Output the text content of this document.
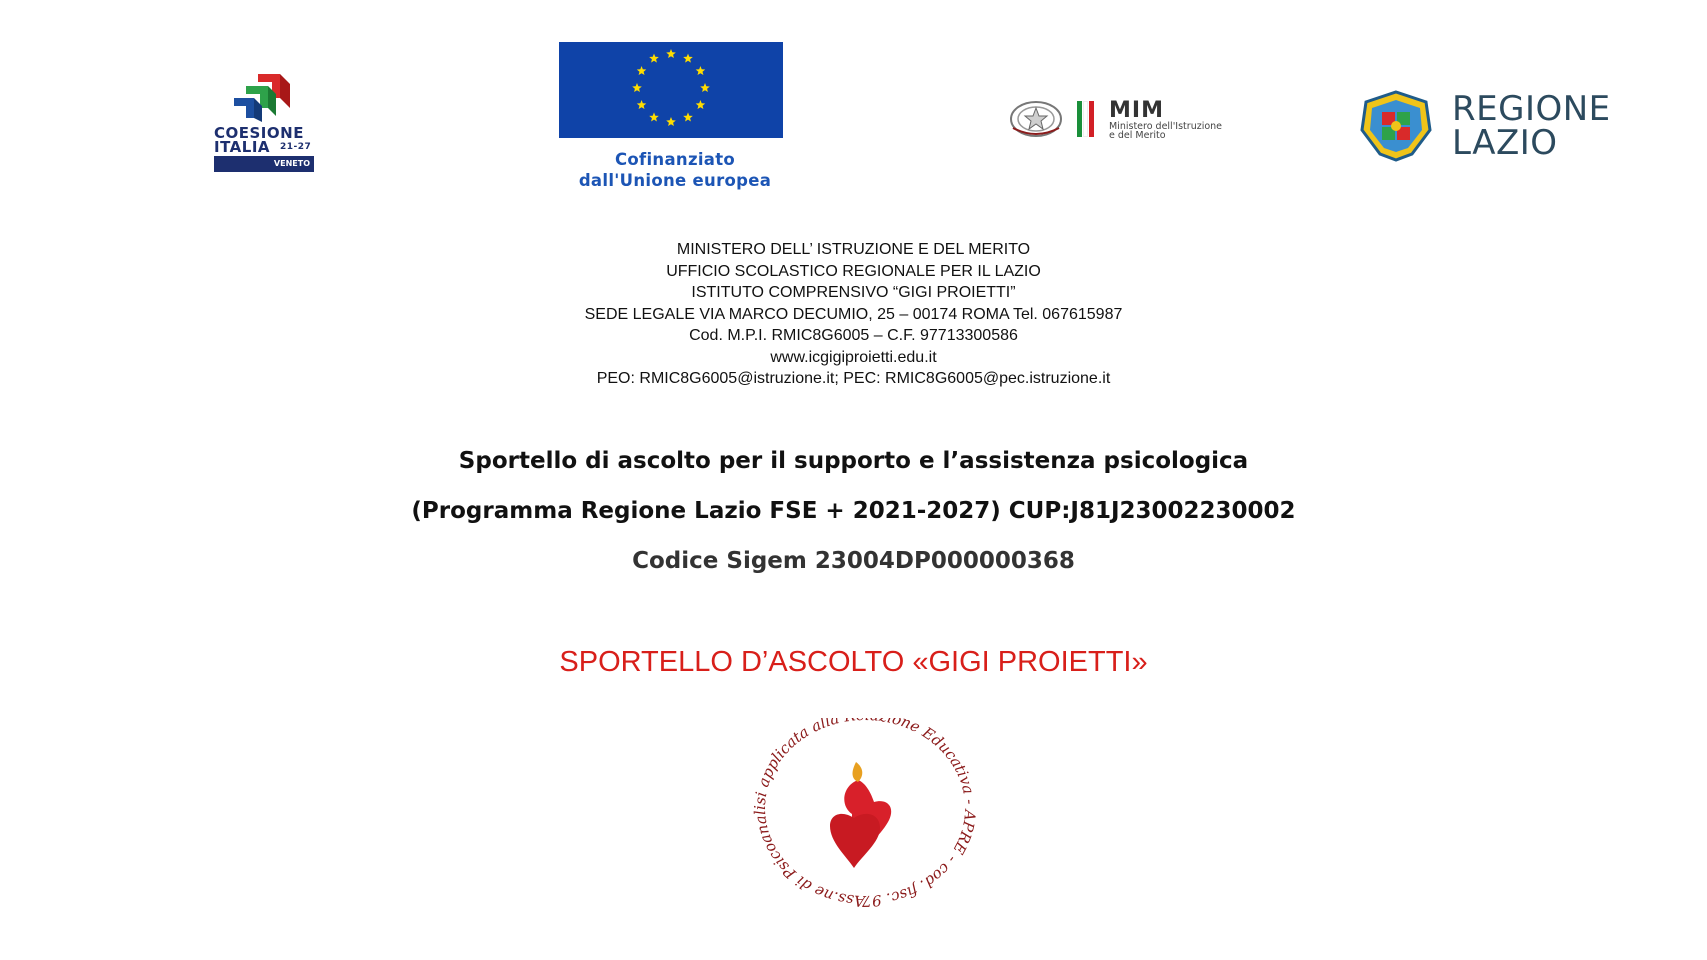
COESIONE
ITALIA 21-27
VENETO	Cofinanziato
dall'Unione europea
MIM
Ministero dell'Istruzione
e del Merito
REGIONE
LAZIO
MINISTERO DELL’ ISTRUZIONE E DEL MERITO
UFFICIO SCOLASTICO REGIONALE PER IL LAZIO
ISTITUTO COMPRENSIVO “GIGI PROIETTI”
SEDE LEGALE VIA MARCO DECUMIO, 25 – 00174 ROMA Tel. 067615987
Cod. M.P.I. RMIC8G6005 – C.F. 97713300586
www.icgigiproietti.edu.it
PEO: RMIC8G6005@istruzione.it; PEC: RMIC8G6005@pec.istruzione.it
Sportello di ascolto per il supporto e l’assistenza psicologica
(Programma Regione Lazio FSE + 2021-2027) CUP:J81J23002230002
Codice Sigem 23004DP000000368
SPORTELLO D’ASCOLTO «GIGI PROIETTI»
Ass.ne di Psicoanalisi applicata alla one Educativa - APRE - cod. fisc. 97
